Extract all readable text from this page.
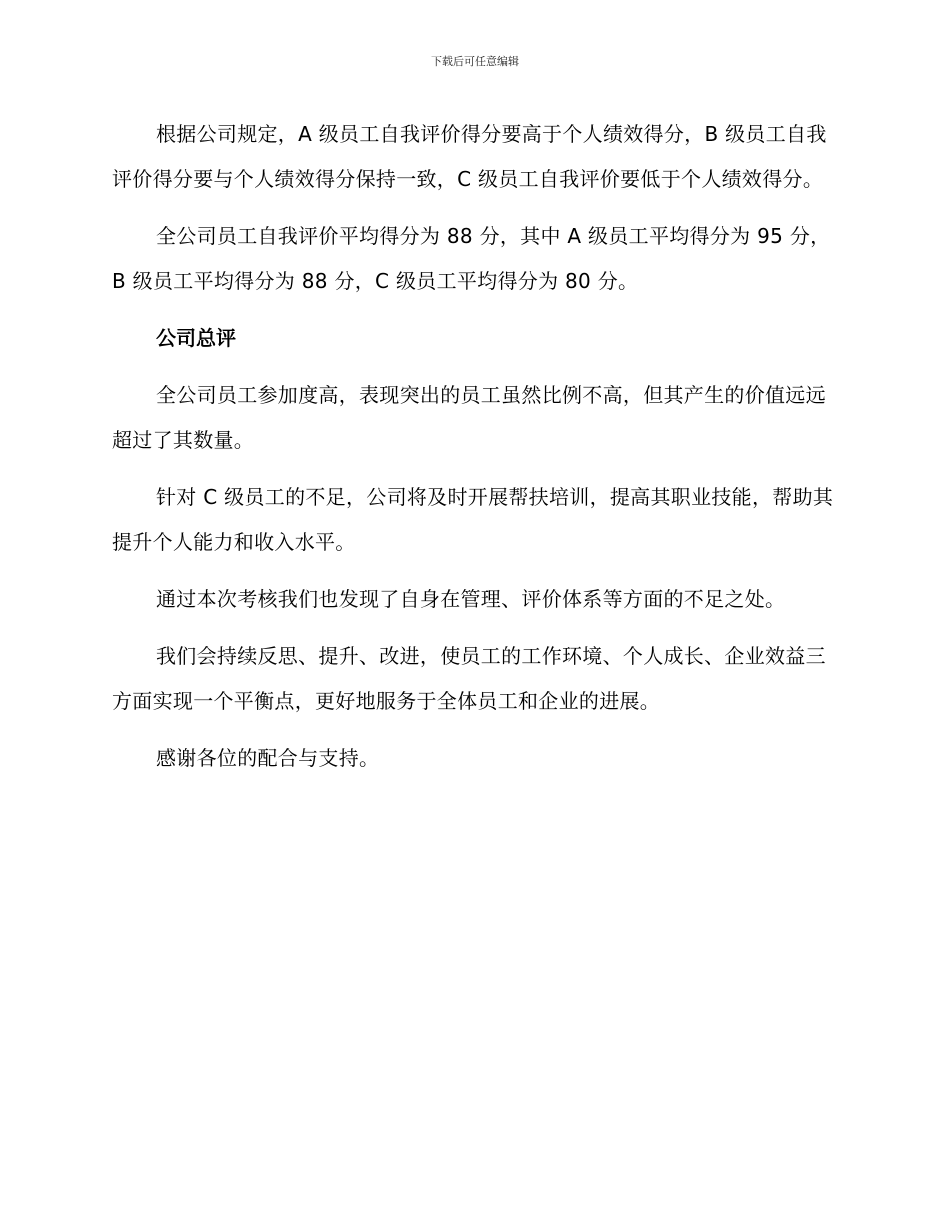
下载后可任意编辑

根据公司规定，A 级员工自我评价得分要高于个人绩效得分，B 级员工自我评价得分要与个人绩效得分保持一致，C 级员工自我评价要低于个人绩效得分。

全公司员工自我评价平均得分为 88 分，其中 A 级员工平均得分为 95 分，B 级员工平均得分为 88 分，C 级员工平均得分为 80 分。

公司总评

全公司员工参加度高，表现突出的员工虽然比例不高，但其产生的价值远远超过了其数量。

针对 C 级员工的不足，公司将及时开展帮扶培训，提高其职业技能，帮助其提升个人能力和收入水平。

通过本次考核我们也发现了自身在管理、评价体系等方面的不足之处。

我们会持续反思、提升、改进，使员工的工作环境、个人成长、企业效益三方面实现一个平衡点，更好地服务于全体员工和企业的进展。

感谢各位的配合与支持。
